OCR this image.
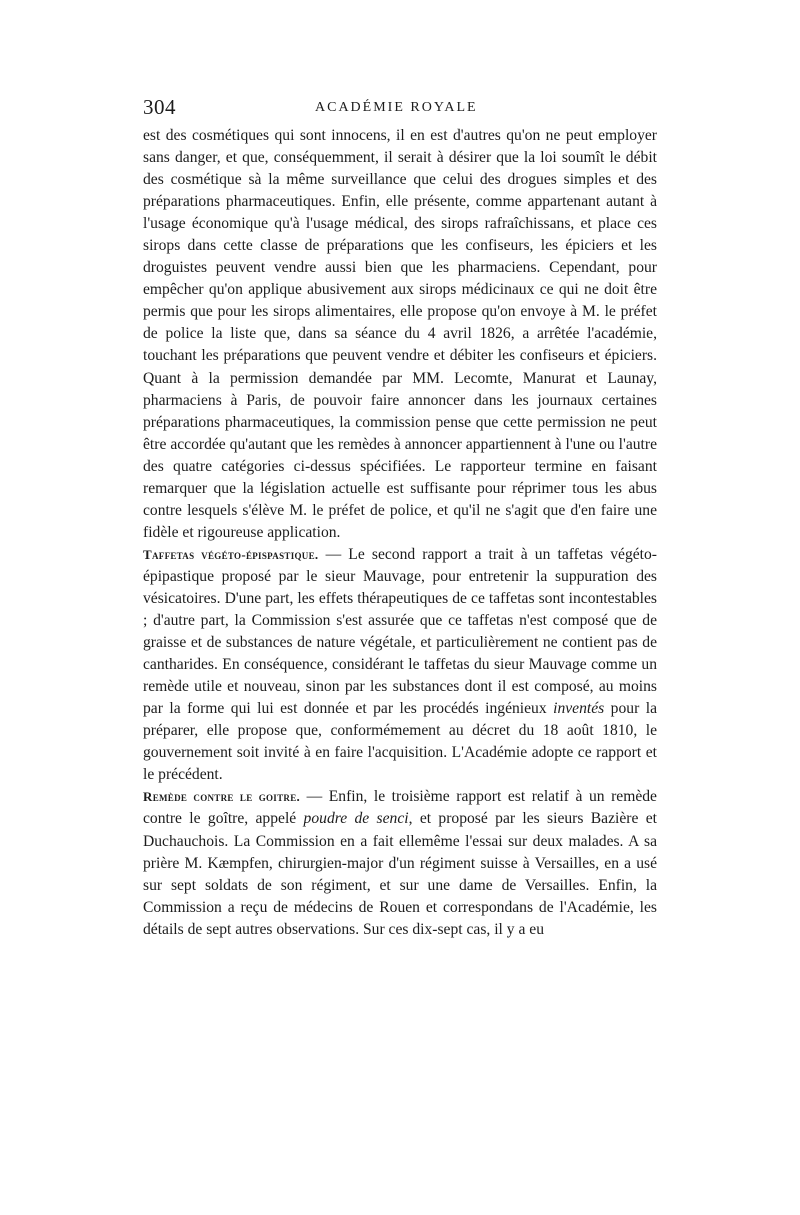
304	ACADÉMIE ROYALE

est des cosmétiques qui sont innocens, il en est d'autres qu'on ne peut employer sans danger, et que, conséquemment, il serait à désirer que la loi soumît le débit des cosmétique sà la même surveillance que celui des drogues simples et des préparations pharmaceutiques. Enfin, elle présente, comme appartenant autant à l'usage économique qu'à l'usage médical, des sirops rafraîchissans, et place ces sirops dans cette classe de préparations que les confiseurs, les épiciers et les droguistes peuvent vendre aussi bien que les pharmaciens. Cependant, pour empêcher qu'on applique abusivement aux sirops médicinaux ce qui ne doit être permis que pour les sirops alimentaires, elle propose qu'on envoye à M. le préfet de police la liste que, dans sa séance du 4 avril 1826, a arrêtée l'académie, touchant les préparations que peuvent vendre et débiter les confiseurs et épiciers. Quant à la permission demandée par MM. Lecomte, Manurat et Launay, pharmaciens à Paris, de pouvoir faire annoncer dans les journaux certaines préparations pharmaceutiques, la commission pense que cette permission ne peut être accordée qu'autant que les remèdes à annoncer appartiennent à l'une ou l'autre des quatre catégories ci-dessus spécifiées. Le rapporteur termine en faisant remarquer que la législation actuelle est suffisante pour réprimer tous les abus contre lesquels s'élève M. le préfet de police, et qu'il ne s'agit que d'en faire une fidèle et rigoureuse application.

Taffetas végéto-épispastique. — Le second rapport a trait à un taffetas végéto-épipastique proposé par le sieur Mauvage, pour entretenir la suppuration des vésicatoires. D'une part, les effets thérapeutiques de ce taffetas sont incontestables ; d'autre part, la Commission s'est assurée que ce taffetas n'est composé que de graisse et de substances de nature végétale, et particulièrement ne contient pas de cantharides. En conséquence, considérant le taffetas du sieur Mauvage comme un remède utile et nouveau, sinon par les substances dont il est composé, au moins par la forme qui lui est donnée et par les procédés ingénieux inventés pour la préparer, elle propose que, conformémement au décret du 18 août 1810, le gouvernement soit invité à en faire l'acquisition. L'Académie adopte ce rapport et le précédent.

Remède contre le goitre. — Enfin, le troisième rapport est relatif à un remède contre le goître, appelé poudre de senci, et proposé par les sieurs Bazière et Duchauchois. La Commission en a fait ellemême l'essai sur deux malades. A sa prière M. Kæmpfen, chirurgien-major d'un régiment suisse à Versailles, en a usé sur sept soldats de son régiment, et sur une dame de Versailles. Enfin, la Commission a reçu de médecins de Rouen et correspondans de l'Académie, les détails de sept autres observations. Sur ces dix-sept cas, il y a eu
